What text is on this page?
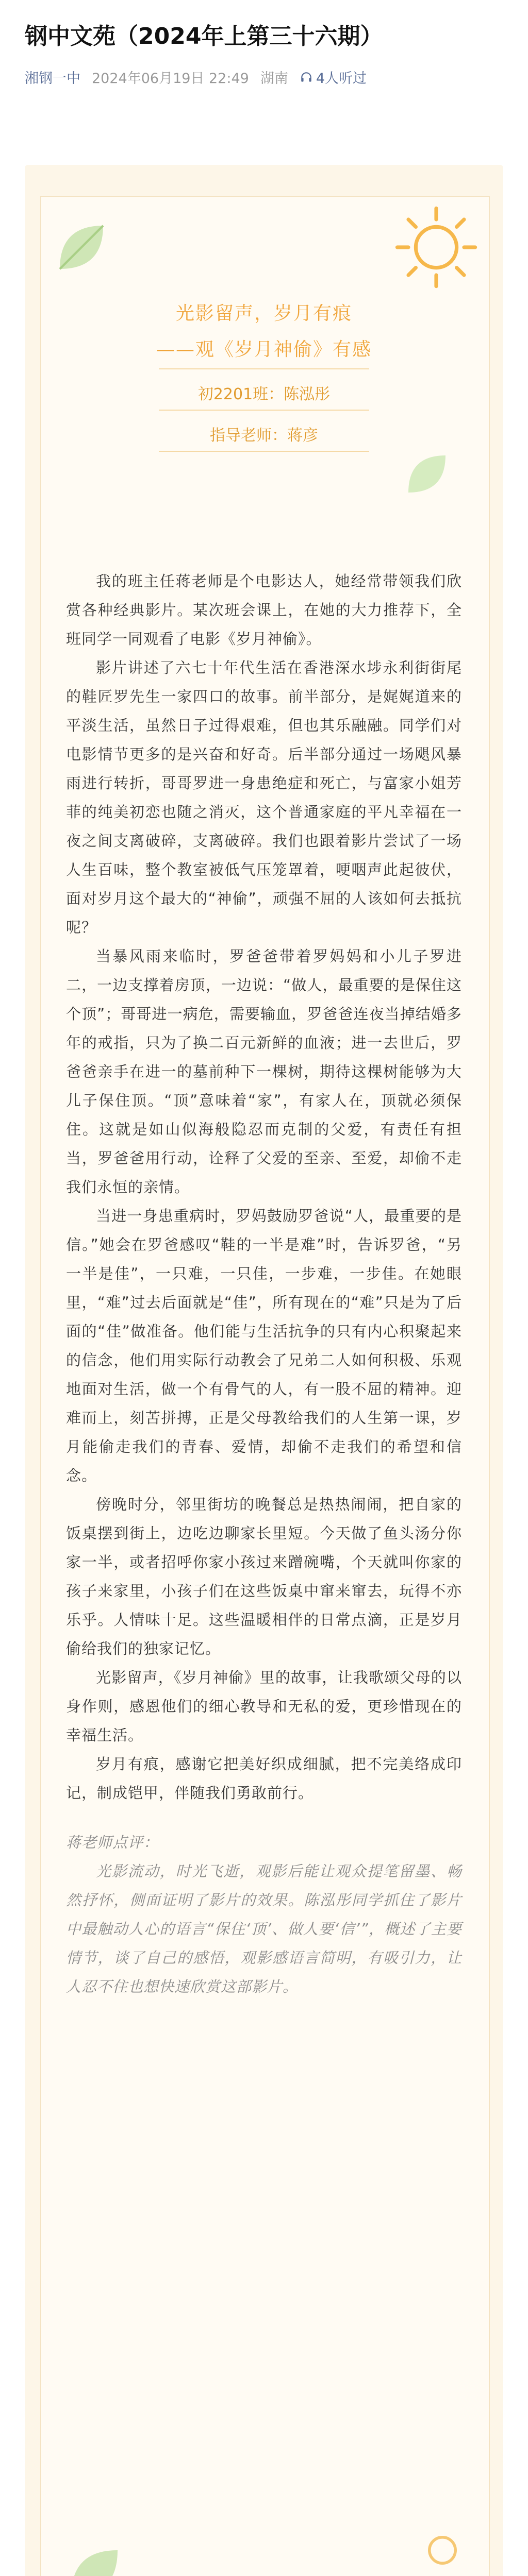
钢中文苑（2024年上第三十六期）
湘钢一中 2024年06月19日 22:49 湖南 4人听过
光影留声，岁月有痕
——观《岁月神偷》有感
初2201班：陈泓彤
指导老师：蒋彦

我的班主任蒋老师是个电影达人，她经常带领我们欣赏各种经典影片。某次班会课上，在她的大力推荐下，全班同学一同观看了电影《岁月神偷》。

影片讲述了六七十年代生活在香港深水埗永利街街尾的鞋匠罗先生一家四口的故事。前半部分，是娓娓道来的平淡生活，虽然日子过得艰难，但也其乐融融。同学们对电影情节更多的是兴奋和好奇。后半部分通过一场飓风暴雨进行转折，哥哥罗进一身患绝症和死亡，与富家小姐芳菲的纯美初恋也随之消灭，这个普通家庭的平凡幸福在一夜之间支离破碎，支离破碎。我们也跟着影片尝试了一场人生百味，整个教室被低气压笼罩着，哽咽声此起彼伏，面对岁月这个最大的“神偷”，顽强不屈的人该如何去抵抗呢？

当暴风雨来临时，罗爸爸带着罗妈妈和小儿子罗进二，一边支撑着房顶，一边说：“做人，最重要的是保住这个顶”；哥哥进一病危，需要输血，罗爸爸连夜当掉结婚多年的戒指，只为了换二百元新鲜的血液；进一去世后，罗爸爸亲手在进一的墓前种下一棵树，期待这棵树能够为大儿子保住顶。“顶”意味着“家”，有家人在，顶就必须保住。这就是如山似海般隐忍而克制的父爱，有责任有担当，罗爸爸用行动，诠释了父爱的至亲、至爱，却偷不走我们永恒的亲情。

当进一身患重病时，罗妈鼓励罗爸说“人，最重要的是信。”她会在罗爸感叹“鞋的一半是难”时，告诉罗爸，“另一半是佳”，一只难，一只佳，一步难，一步佳。在她眼里，“难”过去后面就是“佳”，所有现在的“难”只是为了后面的“佳”做准备。他们能与生活抗争的只有内心积聚起来的信念，他们用实际行动教会了兄弟二人如何积极、乐观地面对生活，做一个有骨气的人，有一股不屈的精神。迎难而上，刻苦拼搏，正是父母教给我们的人生第一课，岁月能偷走我们的青春、爱情，却偷不走我们的希望和信念。

傍晚时分，邻里街坊的晚餐总是热热闹闹，把自家的饭桌摆到街上，边吃边聊家长里短。今天做了鱼头汤分你家一半，或者招呼你家小孩过来蹭碗嘴，个天就叫你家的孩子来家里，小孩子们在这些饭桌中窜来窜去，玩得不亦乐乎。人情味十足。这些温暖相伴的日常点滴，正是岁月偷给我们的独家记忆。

光影留声，《岁月神偷》里的故事，让我歌颂父母的以身作则，感恩他们的细心教导和无私的爱，更珍惜现在的幸福生活。

岁月有痕，感谢它把美好织成细腻，把不完美络成印记，制成铠甲，伴随我们勇敢前行。

蒋老师点评：

光影流动，时光飞逝，观影后能让观众提笔留墨、畅然抒怀，侧面证明了影片的效果。陈泓彤同学抓住了影片中最触动人心的语言“保住‘顶’、做人要‘信’”，概述了主要情节，谈了自己的感悟，观影感语言简明，有吸引力，让人忍不住也想快速欣赏这部影片。
